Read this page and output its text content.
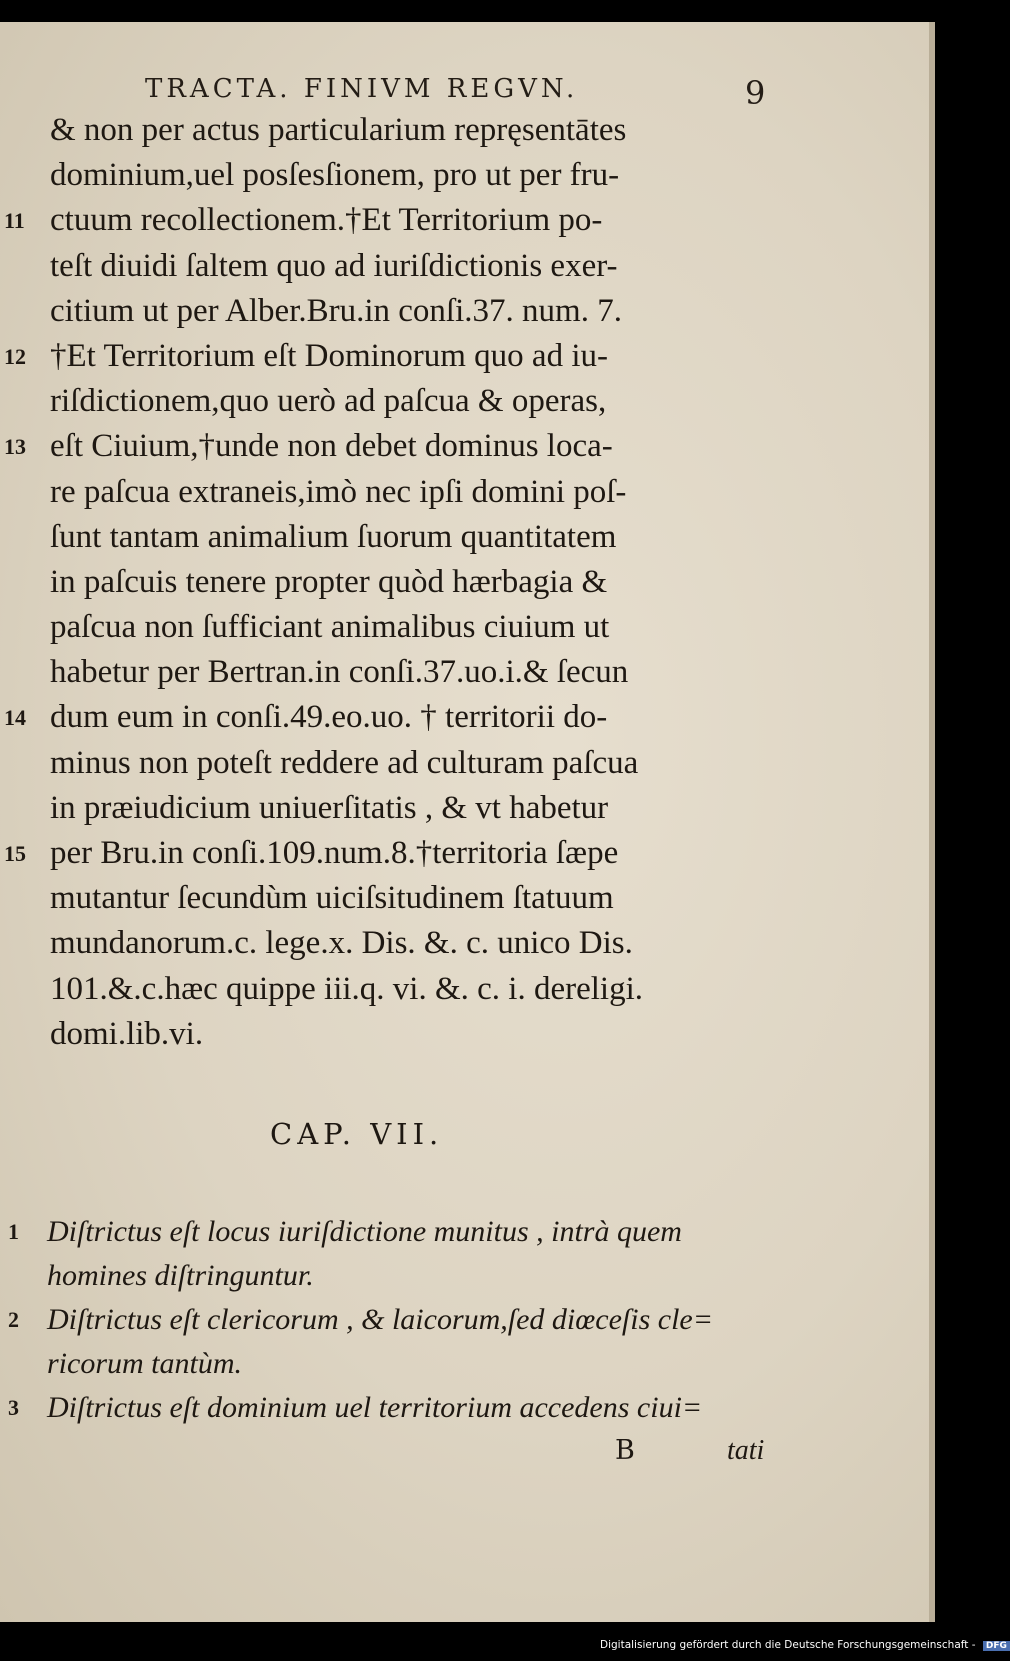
TRACTA. FINIVM REGVN.	9
& non per actus particularium repręsentātes
dominium,uel posſesſionem, pro ut per fru-
11 ctuum recollectionem.†Et Territorium po-
teſt diuidi ſaltem quo ad iuriſdictionis exer-
citium ut per Alber.Bru.in conſi.37. num. 7.
12 †Et Territorium eſt Dominorum quo ad iu-
riſdictionem,quo uerò ad paſcua & operas,
13 eſt Ciuium,†unde non debet dominus loca-
re paſcua extraneis,imò nec ipſi domini poſ-
ſunt tantam animalium ſuorum quantitatem
in paſcuis tenere propter quòd hærbagia &
paſcua non ſufficiant animalibus ciuium ut
habetur per Bertran.in conſi.37.uo.i.& ſecun
14 dum eum in conſi.49.eo.uo. † territorii do-
minus non poteſt reddere ad culturam paſcua
in præiudicium uniuerſitatis , & vt habetur
15 per Bru.in conſi.109.num.8.†territoria ſæpe
mutantur ſecundùm uiciſsitudinem ſtatuum
mundanorum.c. lege.x. Dis. &. c. unico Dis.
101.&.c.hæc quippe iii.q. vi. &. c. i. dereligi.
domi.lib.vi.
CAP. VII.
1 Diſtrictus eſt locus iuriſdictione munitus , intrà quem
homines diſtringuntur.
2 Diſtrictus eſt clericorum , & laicorum,ſed diœceſis cle=
ricorum tantùm.
3 Diſtrictus eſt dominium uel territorium accedens ciui=
B	tati
Digitalisierung gefördert durch die Deutsche Forschungsgemeinschaft - DFG
